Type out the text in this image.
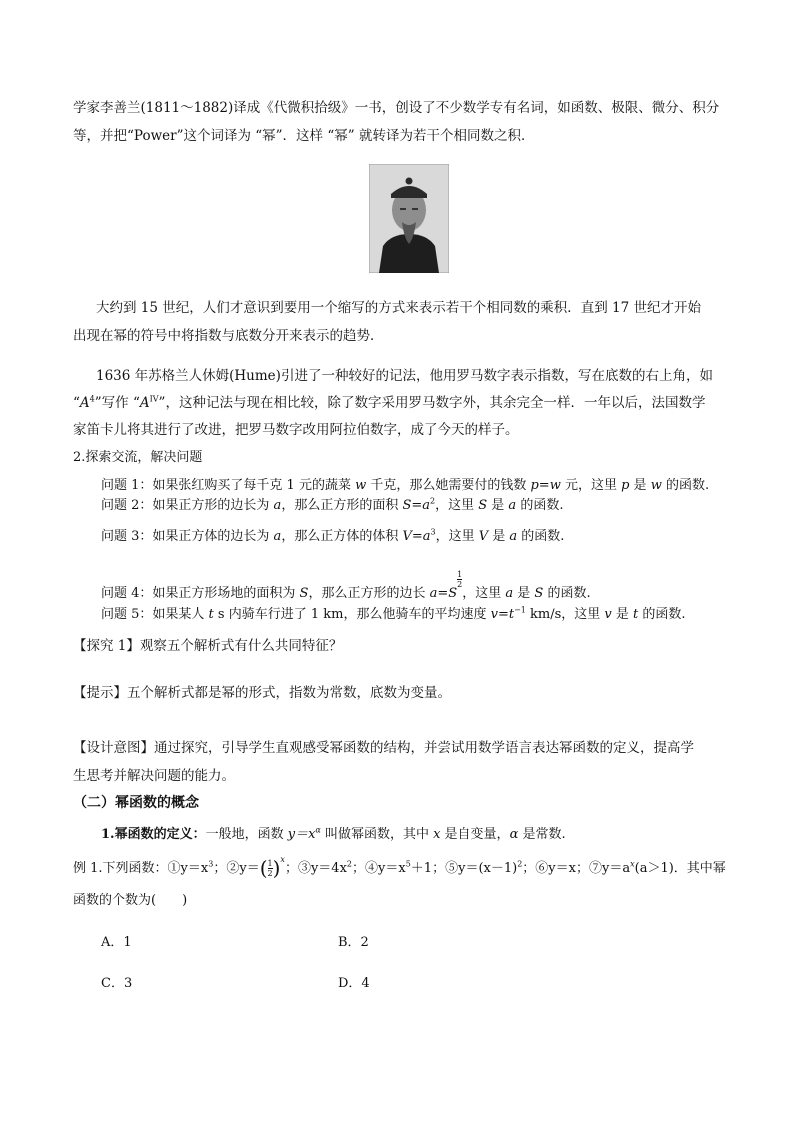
学家李善兰(1811～1882)译成《代微积拾级》一书，创设了不少数学专有名词，如函数、极限、微分、积分
等，并把“Power”这个词译为 “幂”．这样 “幂” 就转译为若干个相同数之积．
大约到 15 世纪，人们才意识到要用一个缩写的方式来表示若干个相同数的乘积．直到 17 世纪才开始
出现在幂的符号中将指数与底数分开来表示的趋势．
1636 年苏格兰人休姆(Hume)引进了一种较好的记法，他用罗马数字表示指数，写在底数的右上角，如
“$A^4$”写作 “$A^{IV}$”，这种记法与现在相比较，除了数字采用罗马数字外，其余完全一样．一年以后，法国数学
家笛卡儿将其进行了改进，把罗马数字改用阿拉伯数字，成了今天的样子。
2.探索交流，解决问题
问题 1：如果张红购买了每千克 1 元的蔬菜 w 千克，那么她需要付的钱数 p=w 元，这里 p 是 w 的函数.
问题 2：如果正方形的边长为 a，那么正方形的面积 $S=a^2$，这里 S 是 a 的函数.
问题 3：如果正方体的边长为 a，那么正方体的体积 $V=a^3$，这里 V 是 a 的函数.
问题 4：如果正方形场地的面积为 S，那么正方形的边长 a=S
$\frac{1}{2}$
，这里 a 是 S 的函数.
问题 5：如果某人 t s 内骑车行进了 1 km，那么他骑车的平均速度 $v=t^{-1}$ km/s，这里 v 是 t 的函数.
【探究 1】观察五个解析式有什么共同特征？
【提示】五个解析式都是幂的形式，指数为常数，底数为变量。
【设计意图】通过探究，引导学生直观感受幂函数的结构，并尝试用数学语言表达幂函数的定义，提高学
生思考并解决问题的能力。
（二）幂函数的概念
1.幂函数的定义：一般地，函数 $y=x^\alpha$ 叫做幂函数，其中 x 是自变量，α 是常数.
例 1.下列函数：$①y=x^3$；②y＝( $\frac{1}{2} )^x$；$③y=4x^2$；$④y=x^5+1$；$⑤y=(x-1)^2$；⑥y＝x；$⑦y=a^x(a>1)$．其中幂
函数的个数为(　　)
A．1	B．2
C．3	D．4
